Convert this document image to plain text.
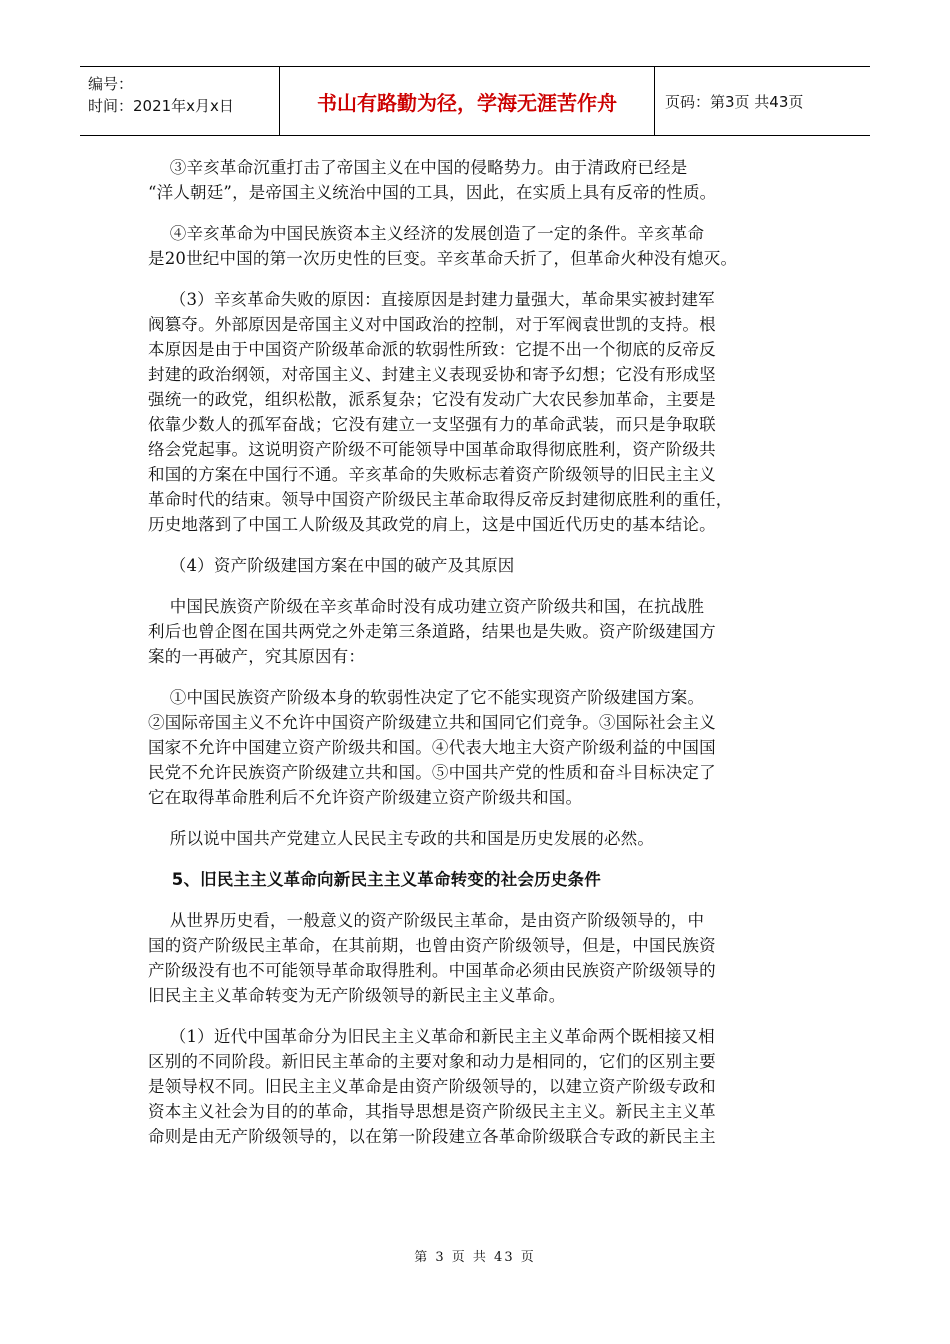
编号：
时间：2021年x月x日	书山有路勤为径，学海无涯苦作舟	页码：第3页 共43页

③辛亥革命沉重打击了帝国主义在中国的侵略势力。由于清政府已经是
“洋人朝廷”，是帝国主义统治中国的工具，因此，在实质上具有反帝的性质。

④辛亥革命为中国民族资本主义经济的发展创造了一定的条件。辛亥革命
是20世纪中国的第一次历史性的巨变。辛亥革命夭折了，但革命火种没有熄灭。

（3）辛亥革命失败的原因：直接原因是封建力量强大，革命果实被封建军
阀篡夺。外部原因是帝国主义对中国政治的控制，对于军阀袁世凯的支持。根
本原因是由于中国资产阶级革命派的软弱性所致：它提不出一个彻底的反帝反
封建的政治纲领，对帝国主义、封建主义表现妥协和寄予幻想；它没有形成坚
强统一的政党，组织松散，派系复杂；它没有发动广大农民参加革命，主要是
依靠少数人的孤军奋战；它没有建立一支坚强有力的革命武装，而只是争取联
络会党起事。这说明资产阶级不可能领导中国革命取得彻底胜利，资产阶级共
和国的方案在中国行不通。辛亥革命的失败标志着资产阶级领导的旧民主主义
革命时代的结束。领导中国资产阶级民主革命取得反帝反封建彻底胜利的重任，
历史地落到了中国工人阶级及其政党的肩上，这是中国近代历史的基本结论。

（4）资产阶级建国方案在中国的破产及其原因

中国民族资产阶级在辛亥革命时没有成功建立资产阶级共和国，在抗战胜
利后也曾企图在国共两党之外走第三条道路，结果也是失败。资产阶级建国方
案的一再破产，究其原因有：

①中国民族资产阶级本身的软弱性决定了它不能实现资产阶级建国方案。
②国际帝国主义不允许中国资产阶级建立共和国同它们竞争。③国际社会主义
国家不允许中国建立资产阶级共和国。④代表大地主大资产阶级利益的中国国
民党不允许民族资产阶级建立共和国。⑤中国共产党的性质和奋斗目标决定了
它在取得革命胜利后不允许资产阶级建立资产阶级共和国。

所以说中国共产党建立人民民主专政的共和国是历史发展的必然。

5、旧民主主义革命向新民主主义革命转变的社会历史条件

从世界历史看，一般意义的资产阶级民主革命，是由资产阶级领导的，中
国的资产阶级民主革命，在其前期，也曾由资产阶级领导，但是，中国民族资
产阶级没有也不可能领导革命取得胜利。中国革命必须由民族资产阶级领导的
旧民主主义革命转变为无产阶级领导的新民主主义革命。

（1）近代中国革命分为旧民主主义革命和新民主主义革命两个既相接又相
区别的不同阶段。新旧民主革命的主要对象和动力是相同的，它们的区别主要
是领导权不同。旧民主主义革命是由资产阶级领导的，以建立资产阶级专政和
资本主义社会为目的的革命，其指导思想是资产阶级民主主义。新民主主义革
命则是由无产阶级领导的，以在第一阶段建立各革命阶级联合专政的新民主主

第 3 页 共 43 页
